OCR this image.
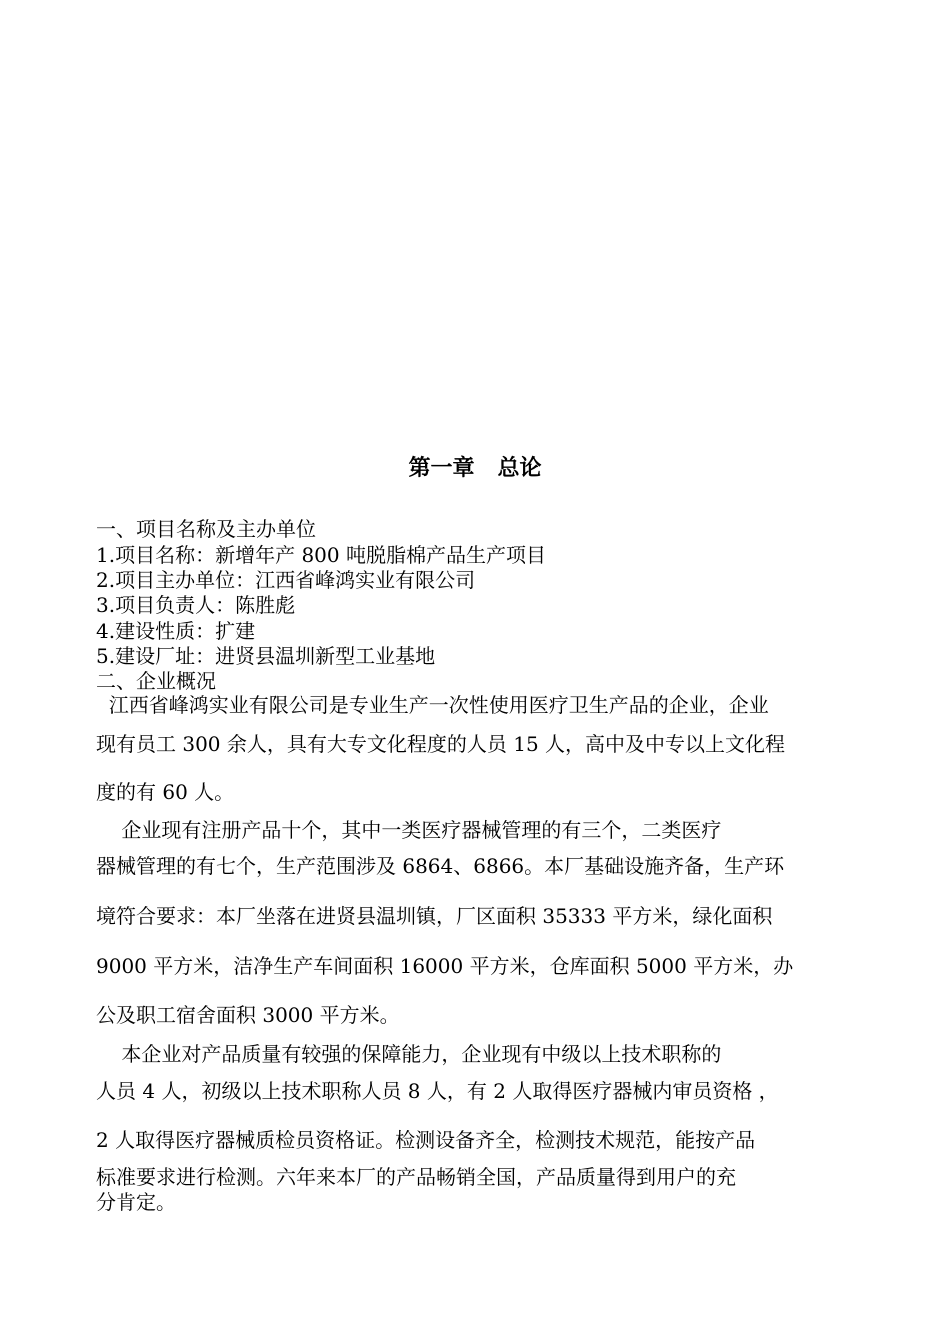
第一章   总论
一、项目名称及主办单位
1.项目名称：新增年产 800 吨脱脂棉产品生产项目
2.项目主办单位：江西省峰鸿实业有限公司
3.项目负责人：陈胜彪
4.建设性质：扩建
5.建设厂址：进贤县温圳新型工业基地
二、企业概况
江西省峰鸿实业有限公司是专业生产一次性使用医疗卫生产品的企业，企业
现有员工 300 余人，具有大专文化程度的人员 15 人，高中及中专以上文化程
度的有 60 人。
企业现有注册产品十个，其中一类医疗器械管理的有三个，二类医疗
器械管理的有七个，生产范围涉及 6864、6866。本厂基础设施齐备，生产环
境符合要求：本厂坐落在进贤县温圳镇，厂区面积 35333 平方米，绿化面积
9000 平方米，洁净生产车间面积 16000 平方米，仓库面积 5000 平方米，办
公及职工宿舍面积 3000 平方米。
本企业对产品质量有较强的保障能力，企业现有中级以上技术职称的
人员 4 人，初级以上技术职称人员 8 人，有 2 人取得医疗器械内审员资格 ，
2 人取得医疗器械质检员资格证。检测设备齐全，检测技术规范，能按产品
标准要求进行检测。六年来本厂的产品畅销全国，产品质量得到用户的充
分肯定。
